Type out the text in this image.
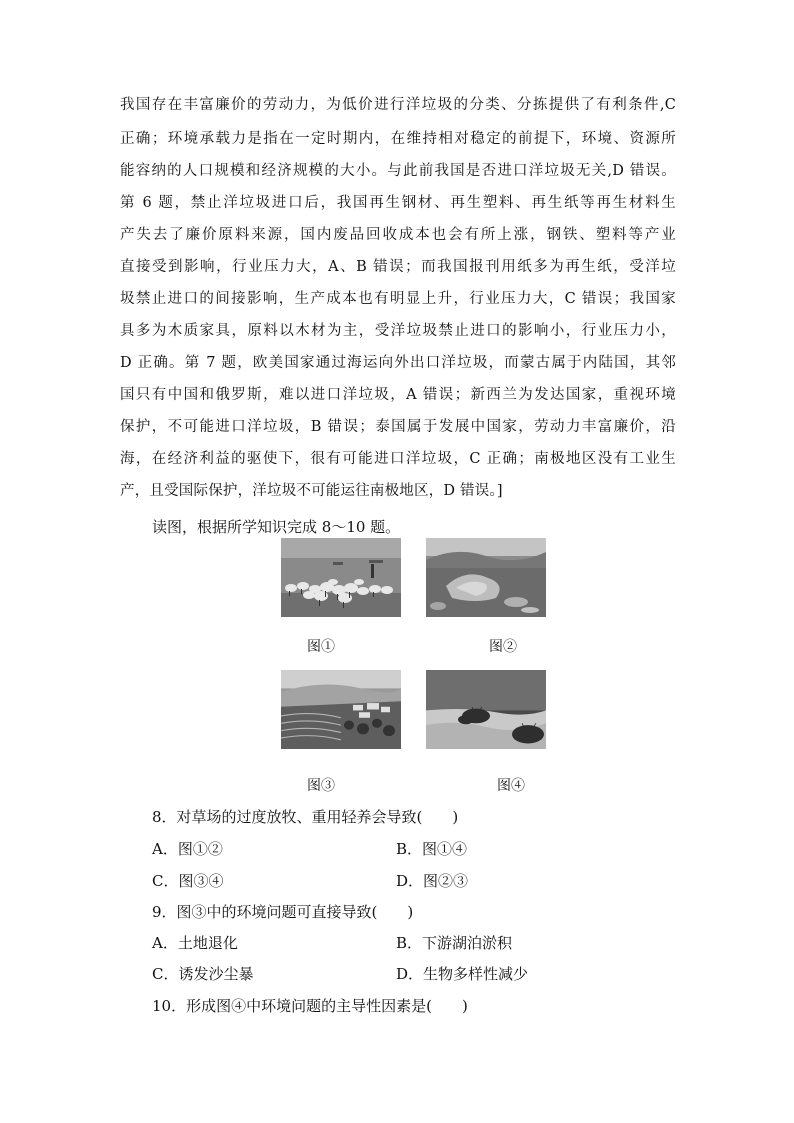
我国存在丰富廉价的劳动力，为低价进行洋垃圾的分类、分拣提供了有利条件,C
正确；环境承载力是指在一定时期内，在维持相对稳定的前提下，环境、资源所
能容纳的人口规模和经济规模的大小。与此前我国是否进口洋垃圾无关,D 错误。
第 6 题，禁止洋垃圾进口后，我国再生钢材、再生塑料、再生纸等再生材料生
产失去了廉价原料来源，国内废品回收成本也会有所上涨，钢铁、塑料等产业
直接受到影响，行业压力大，A、B 错误；而我国报刊用纸多为再生纸，受洋垃
圾禁止进口的间接影响，生产成本也有明显上升，行业压力大，C 错误；我国家
具多为木质家具，原料以木材为主，受洋垃圾禁止进口的影响小，行业压力小，
D 正确。第 7 题，欧美国家通过海运向外出口洋垃圾，而蒙古属于内陆国，其邻
国只有中国和俄罗斯，难以进口洋垃圾，A 错误；新西兰为发达国家，重视环境
保护，不可能进口洋垃圾，B 错误；泰国属于发展中国家，劳动力丰富廉价，沿
海，在经济利益的驱使下，很有可能进口洋垃圾，C 正确；南极地区没有工业生
产，且受国际保护，洋垃圾不可能运往南极地区，D 错误。]
读图，根据所学知识完成 8～10 题。
图①	图②
图③	图④
8．对草场的过度放牧、重用轻养会导致(　　)
A．图①②	B．图①④
C．图③④	D．图②③
9．图③中的环境问题可直接导致(　　)
A．土地退化	B．下游湖泊淤积
C．诱发沙尘暴	D．生物多样性减少
10．形成图④中环境问题的主导性因素是(　　)
